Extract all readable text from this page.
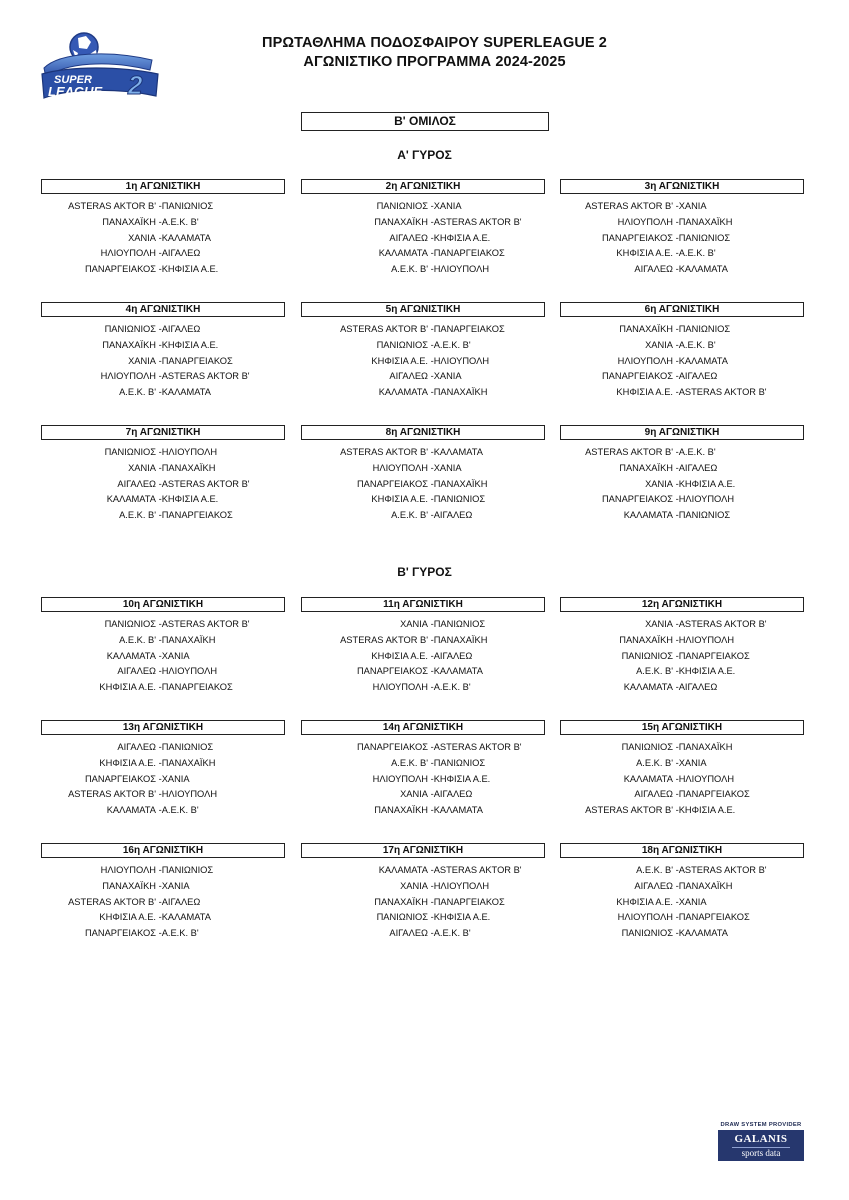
SUPER
LEAGUE 2
ΠΡΩΤΑΘΛΗΜΑ ΠΟΔΟΣΦΑΙΡΟΥ SUPERLEAGUE 2
ΑΓΩΝΙΣΤΙΚΟ ΠΡΟΓΡΑΜΜΑ 2024-2025
Β' ΟΜΙΛΟΣ
Α' ΓΥΡΟΣ
Β' ΓΥΡΟΣ
1η ΑΓΩΝΙΣΤΙΚΗ
ASTERAS AKTOR B' -ΠΑΝΙΩΝΙΟΣ
ΠΑΝΑΧΑΪΚΗ -Α.Ε.Κ. Β'
ΧΑΝΙΑ -ΚΑΛΑΜΑΤΑ
ΗΛΙΟΥΠΟΛΗ -ΑΙΓΑΛΕΩ
ΠΑΝΑΡΓΕΙΑΚΟΣ -ΚΗΦΙΣΙΑ Α.Ε.
2η ΑΓΩΝΙΣΤΙΚΗ
ΠΑΝΙΩΝΙΟΣ -ΧΑΝΙΑ
ΠΑΝΑΧΑΪΚΗ -ASTERAS AKTOR B'
ΑΙΓΑΛΕΩ -ΚΗΦΙΣΙΑ Α.Ε.
ΚΑΛΑΜΑΤΑ -ΠΑΝΑΡΓΕΙΑΚΟΣ
Α.Ε.Κ. Β' -ΗΛΙΟΥΠΟΛΗ
3η ΑΓΩΝΙΣΤΙΚΗ
ASTERAS AKTOR B' -ΧΑΝΙΑ
ΗΛΙΟΥΠΟΛΗ -ΠΑΝΑΧΑΪΚΗ
ΠΑΝΑΡΓΕΙΑΚΟΣ -ΠΑΝΙΩΝΙΟΣ
ΚΗΦΙΣΙΑ Α.Ε. -Α.Ε.Κ. Β'
ΑΙΓΑΛΕΩ -ΚΑΛΑΜΑΤΑ
4η ΑΓΩΝΙΣΤΙΚΗ
ΠΑΝΙΩΝΙΟΣ -ΑΙΓΑΛΕΩ
ΠΑΝΑΧΑΪΚΗ -ΚΗΦΙΣΙΑ Α.Ε.
ΧΑΝΙΑ -ΠΑΝΑΡΓΕΙΑΚΟΣ
ΗΛΙΟΥΠΟΛΗ -ASTERAS AKTOR B'
Α.Ε.Κ. Β' -ΚΑΛΑΜΑΤΑ
5η ΑΓΩΝΙΣΤΙΚΗ
ASTERAS AKTOR B' -ΠΑΝΑΡΓΕΙΑΚΟΣ
ΠΑΝΙΩΝΙΟΣ -Α.Ε.Κ. Β'
ΚΗΦΙΣΙΑ Α.Ε. -ΗΛΙΟΥΠΟΛΗ
ΑΙΓΑΛΕΩ -ΧΑΝΙΑ
ΚΑΛΑΜΑΤΑ -ΠΑΝΑΧΑΪΚΗ
6η ΑΓΩΝΙΣΤΙΚΗ
ΠΑΝΑΧΑΪΚΗ -ΠΑΝΙΩΝΙΟΣ
ΧΑΝΙΑ -Α.Ε.Κ. Β'
ΗΛΙΟΥΠΟΛΗ -ΚΑΛΑΜΑΤΑ
ΠΑΝΑΡΓΕΙΑΚΟΣ -ΑΙΓΑΛΕΩ
ΚΗΦΙΣΙΑ Α.Ε. -ASTERAS AKTOR B'
7η ΑΓΩΝΙΣΤΙΚΗ
ΠΑΝΙΩΝΙΟΣ -ΗΛΙΟΥΠΟΛΗ
ΧΑΝΙΑ -ΠΑΝΑΧΑΪΚΗ
ΑΙΓΑΛΕΩ -ASTERAS AKTOR B'
ΚΑΛΑΜΑΤΑ -ΚΗΦΙΣΙΑ Α.Ε.
Α.Ε.Κ. Β' -ΠΑΝΑΡΓΕΙΑΚΟΣ
8η ΑΓΩΝΙΣΤΙΚΗ
ASTERAS AKTOR B' -ΚΑΛΑΜΑΤΑ
ΗΛΙΟΥΠΟΛΗ -ΧΑΝΙΑ
ΠΑΝΑΡΓΕΙΑΚΟΣ -ΠΑΝΑΧΑΪΚΗ
ΚΗΦΙΣΙΑ Α.Ε. -ΠΑΝΙΩΝΙΟΣ
Α.Ε.Κ. Β' -ΑΙΓΑΛΕΩ
9η ΑΓΩΝΙΣΤΙΚΗ
ASTERAS AKTOR B' -Α.Ε.Κ. Β'
ΠΑΝΑΧΑΪΚΗ -ΑΙΓΑΛΕΩ
ΧΑΝΙΑ -ΚΗΦΙΣΙΑ Α.Ε.
ΠΑΝΑΡΓΕΙΑΚΟΣ -ΗΛΙΟΥΠΟΛΗ
ΚΑΛΑΜΑΤΑ -ΠΑΝΙΩΝΙΟΣ
10η ΑΓΩΝΙΣΤΙΚΗ
ΠΑΝΙΩΝΙΟΣ -ASTERAS AKTOR B'
Α.Ε.Κ. Β' -ΠΑΝΑΧΑΪΚΗ
ΚΑΛΑΜΑΤΑ -ΧΑΝΙΑ
ΑΙΓΑΛΕΩ -ΗΛΙΟΥΠΟΛΗ
ΚΗΦΙΣΙΑ Α.Ε. -ΠΑΝΑΡΓΕΙΑΚΟΣ
11η ΑΓΩΝΙΣΤΙΚΗ
ΧΑΝΙΑ -ΠΑΝΙΩΝΙΟΣ
ASTERAS AKTOR B' -ΠΑΝΑΧΑΪΚΗ
ΚΗΦΙΣΙΑ Α.Ε. -ΑΙΓΑΛΕΩ
ΠΑΝΑΡΓΕΙΑΚΟΣ -ΚΑΛΑΜΑΤΑ
ΗΛΙΟΥΠΟΛΗ -Α.Ε.Κ. Β'
12η ΑΓΩΝΙΣΤΙΚΗ
ΧΑΝΙΑ -ASTERAS AKTOR B'
ΠΑΝΑΧΑΪΚΗ -ΗΛΙΟΥΠΟΛΗ
ΠΑΝΙΩΝΙΟΣ -ΠΑΝΑΡΓΕΙΑΚΟΣ
Α.Ε.Κ. Β' -ΚΗΦΙΣΙΑ Α.Ε.
ΚΑΛΑΜΑΤΑ -ΑΙΓΑΛΕΩ
13η ΑΓΩΝΙΣΤΙΚΗ
ΑΙΓΑΛΕΩ -ΠΑΝΙΩΝΙΟΣ
ΚΗΦΙΣΙΑ Α.Ε. -ΠΑΝΑΧΑΪΚΗ
ΠΑΝΑΡΓΕΙΑΚΟΣ -ΧΑΝΙΑ
ASTERAS AKTOR B' -ΗΛΙΟΥΠΟΛΗ
ΚΑΛΑΜΑΤΑ -Α.Ε.Κ. Β'
14η ΑΓΩΝΙΣΤΙΚΗ
ΠΑΝΑΡΓΕΙΑΚΟΣ -ASTERAS AKTOR B'
Α.Ε.Κ. Β' -ΠΑΝΙΩΝΙΟΣ
ΗΛΙΟΥΠΟΛΗ -ΚΗΦΙΣΙΑ Α.Ε.
ΧΑΝΙΑ -ΑΙΓΑΛΕΩ
ΠΑΝΑΧΑΪΚΗ -ΚΑΛΑΜΑΤΑ
15η ΑΓΩΝΙΣΤΙΚΗ
ΠΑΝΙΩΝΙΟΣ -ΠΑΝΑΧΑΪΚΗ
Α.Ε.Κ. Β' -ΧΑΝΙΑ
ΚΑΛΑΜΑΤΑ -ΗΛΙΟΥΠΟΛΗ
ΑΙΓΑΛΕΩ -ΠΑΝΑΡΓΕΙΑΚΟΣ
ASTERAS AKTOR B' -ΚΗΦΙΣΙΑ Α.Ε.
16η ΑΓΩΝΙΣΤΙΚΗ
ΗΛΙΟΥΠΟΛΗ -ΠΑΝΙΩΝΙΟΣ
ΠΑΝΑΧΑΪΚΗ -ΧΑΝΙΑ
ASTERAS AKTOR B' -ΑΙΓΑΛΕΩ
ΚΗΦΙΣΙΑ Α.Ε. -ΚΑΛΑΜΑΤΑ
ΠΑΝΑΡΓΕΙΑΚΟΣ -Α.Ε.Κ. Β'
17η ΑΓΩΝΙΣΤΙΚΗ
ΚΑΛΑΜΑΤΑ -ASTERAS AKTOR B'
ΧΑΝΙΑ -ΗΛΙΟΥΠΟΛΗ
ΠΑΝΑΧΑΪΚΗ -ΠΑΝΑΡΓΕΙΑΚΟΣ
ΠΑΝΙΩΝΙΟΣ -ΚΗΦΙΣΙΑ Α.Ε.
ΑΙΓΑΛΕΩ -Α.Ε.Κ. Β'
18η ΑΓΩΝΙΣΤΙΚΗ
Α.Ε.Κ. Β' -ASTERAS AKTOR B'
ΑΙΓΑΛΕΩ -ΠΑΝΑΧΑΪΚΗ
ΚΗΦΙΣΙΑ Α.Ε. -ΧΑΝΙΑ
ΗΛΙΟΥΠΟΛΗ -ΠΑΝΑΡΓΕΙΑΚΟΣ
ΠΑΝΙΩΝΙΟΣ -ΚΑΛΑΜΑΤΑ
DRAW SYSTEM PROVIDER
GALANIS
sports data
